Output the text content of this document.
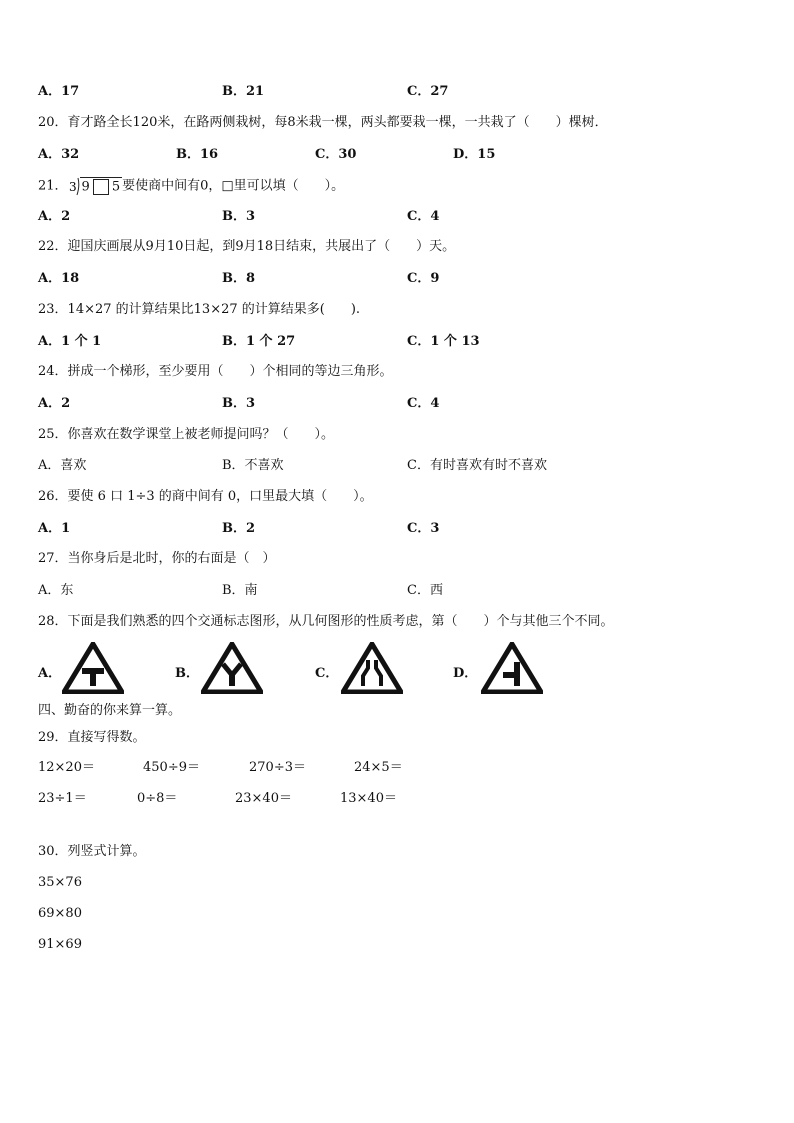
A．17	B．21	C．27
20．育才路全长120米，在路两侧栽树，每8米栽一棵，两头都要栽一棵，一共栽了（　　）棵树．
A．32	B．16	C．30	D．15
21． 3 9 5 要使商中间有0，□里可以填（　　）。
A．2	B．3	C．4
22．迎国庆画展从9月10日起，到9月18日结束，共展出了（　　）天。
A．18	B．8	C．9
23．14×27 的计算结果比13×27 的计算结果多(　　).
A．1 个 1	B．1 个 27	C．1 个 13
24．拼成一个梯形，至少要用（　　）个相同的等边三角形。
A．2	B．3	C．4
25．你喜欢在数学课堂上被老师提问吗？（　　）。
A．喜欢	B．不喜欢	C．有时喜欢有时不喜欢
26．要使 6 口 1÷3 的商中间有 0，口里最大填（　　）。
A．1	B．2	C．3
27．当你身后是北时，你的右面是（　）
A．东	B．南	C．西
28．下面是我们熟悉的四个交通标志图形，从几何图形的性质考虑，第（　　）个与其他三个不同。
A．	B．	C．	D．
四、勤奋的你来算一算。
29．直接写得数。
12×20＝	450÷9＝	270÷3＝	24×5＝
23÷1＝	0÷8＝	23×40＝	13×40＝
30．列竖式计算。
35×76
69×80
91×69
